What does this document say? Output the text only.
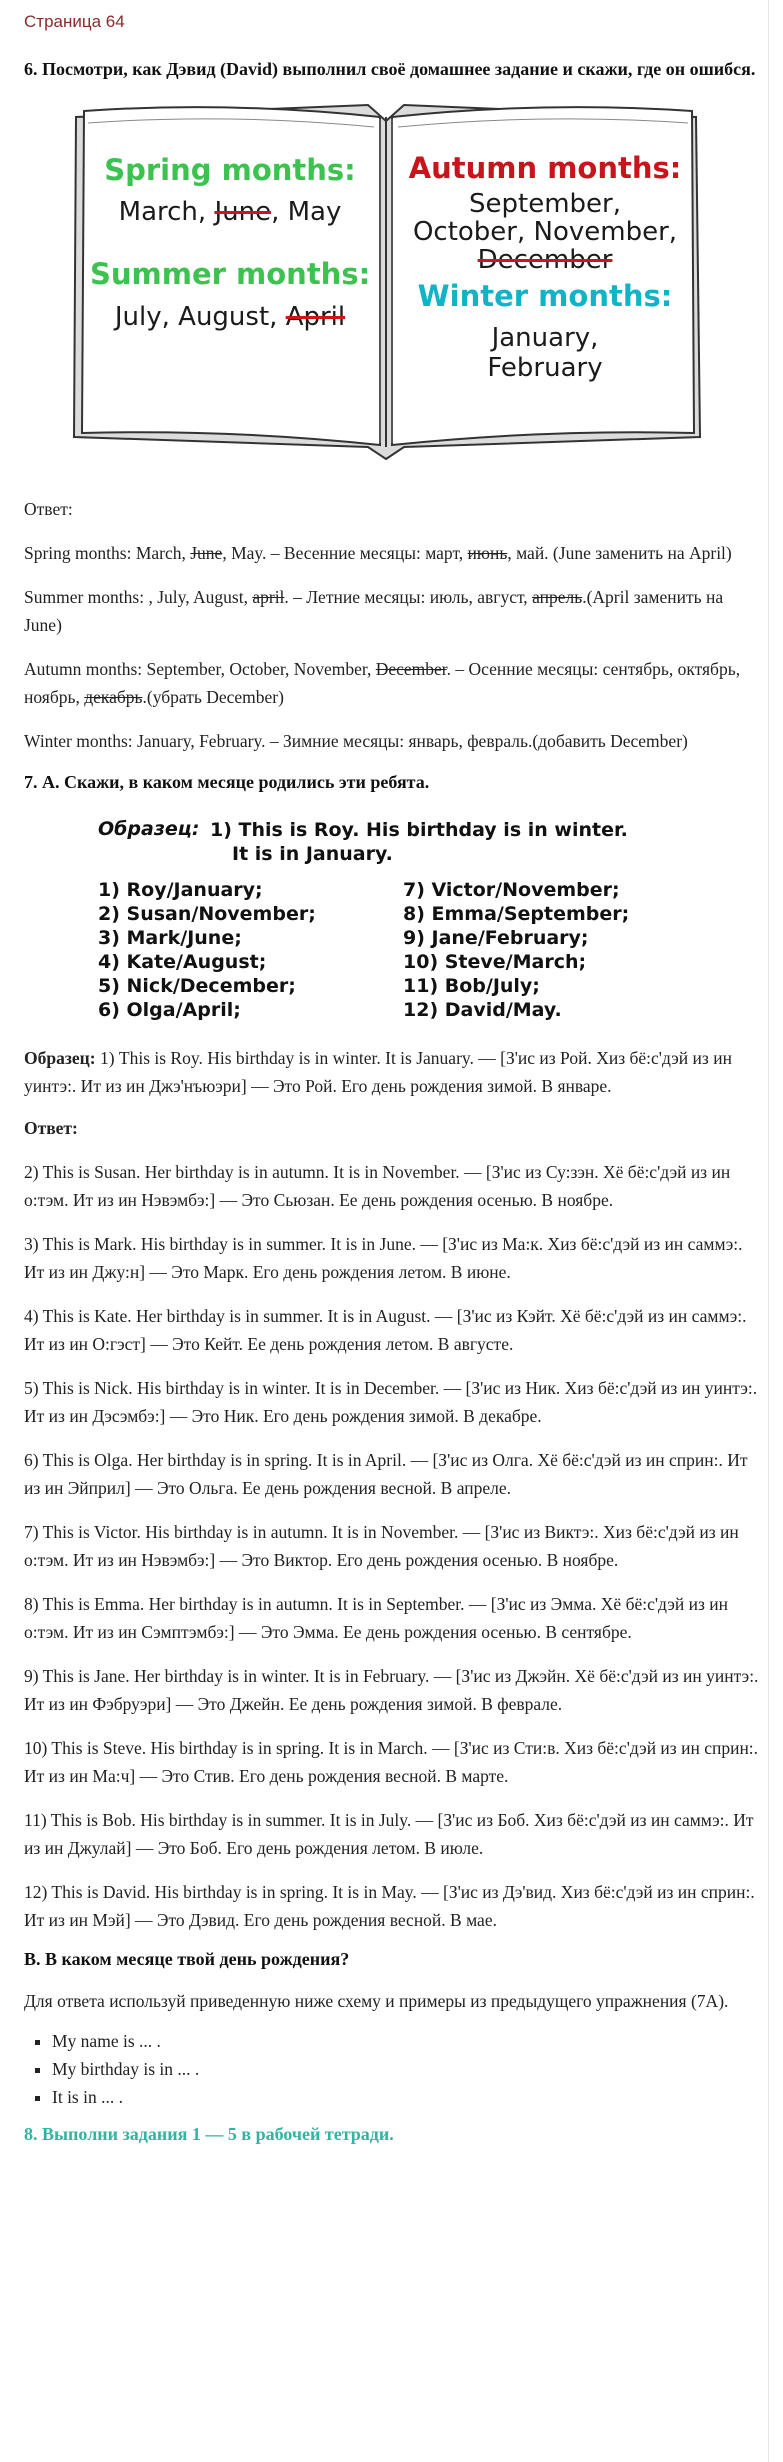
Страница 64
6. Посмотри, как Дэвид (David) выполнил своё домашнее задание и скажи, где он ошибся.
Spring months:
March, June, May
Summer months:
July, August, April
Autumn months:
September,
October, November,
December
Winter months:
January,
February

Ответ:

Spring months: March, June, May. – Весенние месяцы: март, июнь, май. (June заменить на April)

Summer months: , July, August, april. – Летние месяцы: июль, август, апрель.(April заменить на June)

Autumn months: September, October, November, December. – Осенние месяцы: сентябрь, октябрь, ноябрь, декабрь.(убрать December)

Winter months: January, February. – Зимние месяцы: январь, февраль.(добавить December)

7. А. Скажи, в каком месяце родились эти ребята.
Образец: 1) This is Roy. His birthday is in winter.
It is in January.
1) Roy/January;	7) Victor/November;
2) Susan/November;	8) Emma/September;
3) Mark/June;	9) Jane/February;
4) Kate/August;	10) Steve/March;
5) Nick/December;	11) Bob/July;
6) Olga/April;	12) David/May.

Образец: 1) This is Roy. His birthday is in winter. It is January. — [З'ис из Рой. Хиз бё:с'дэй из ин уинтэ:. Ит из ин Джэ'нъюэри] — Это Рой. Его день рождения зимой. В январе.

Ответ:

2) This is Susan. Her birthday is in autumn. It is in November. — [З'ис из Су:зэн. Хё бё:с'дэй из ин о:тэм. Ит из ин Нэвэмбэ:] — Это Сьюзан. Ее день рождения осенью. В ноябре.

3) This is Mark. His birthday is in summer. It is in June. — [З'ис из Ма:к. Хиз бё:с'дэй из ин саммэ:. Ит из ин Джу:н] — Это Марк. Его день рождения летом. В июне.

4) This is Kate. Her birthday is in summer. It is in August. — [З'ис из Кэйт. Хё бё:с'дэй из ин саммэ:. Ит из ин О:гэст] — Это Кейт. Ее день рождения летом. В августе.

5) This is Nick. His birthday is in winter. It is in December. — [З'ис из Ник. Хиз бё:с'дэй из ин уинтэ:. Ит из ин Дэсэмбэ:] — Это Ник. Его день рождения зимой. В декабре.

6) This is Olga. Her birthday is in spring. It is in April. — [З'ис из Олга. Хё бё:с'дэй из ин сприн:. Ит из ин Эйприл] — Это Ольга. Ее день рождения весной. В апреле.

7) This is Victor. His birthday is in autumn. It is in November. — [З'ис из Виктэ:. Хиз бё:с'дэй из ин о:тэм. Ит из ин Нэвэмбэ:] — Это Виктор. Его день рождения осенью. В ноябре.

8) This is Emma. Her birthday is in autumn. It is in September. — [З'ис из Эмма. Хё бё:с'дэй из ин о:тэм. Ит из ин Сэмптэмбэ:] — Это Эмма. Ее день рождения осенью. В сентябре.

9) This is Jane. Her birthday is in winter. It is in February. — [З'ис из Джэйн. Хё бё:с'дэй из ин уинтэ:. Ит из ин Фэбруэри] — Это Джейн. Ее день рождения зимой. В феврале.

10) This is Steve. His birthday is in spring. It is in March. — [З'ис из Сти:в. Хиз бё:с'дэй из ин сприн:. Ит из ин Ма:ч] — Это Стив. Его день рождения весной. В марте.

11) This is Bob. His birthday is in summer. It is in July. — [З'ис из Боб. Хиз бё:с'дэй из ин саммэ:. Ит из ин Джулай] — Это Боб. Его день рождения летом. В июле.

12) This is David. His birthday is in spring. It is in May. — [З'ис из Дэ'вид. Хиз бё:с'дэй из ин сприн:. Ит из ин Мэй] — Это Дэвид. Его день рождения весной. В мае.

B. В каком месяце твой день рождения?

Для ответа используй приведенную ниже схему и примеры из предыдущего упражнения (7А).

▪ My name is ... .
▪ My birthday is in ... .
▪ It is in ... .
8. Выполни задания 1 — 5 в рабочей тетради.
